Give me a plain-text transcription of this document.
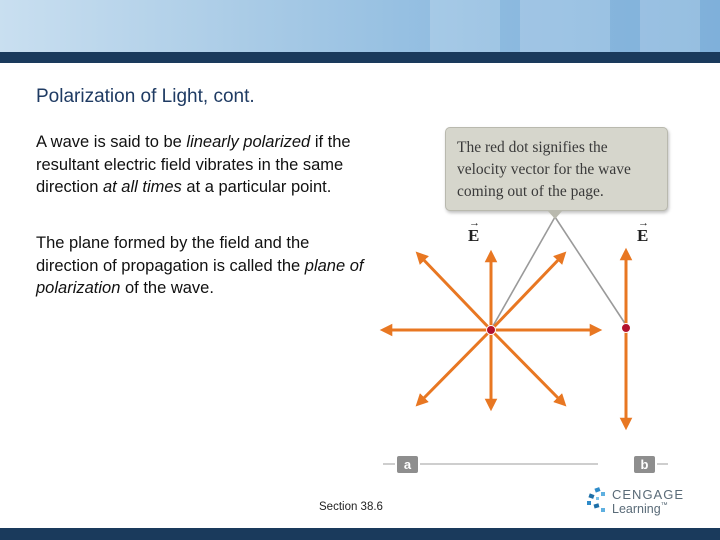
Polarization of Light, cont.
A wave is said to be linearly polarized if the resultant electric field vibrates in the same direction at all times at a particular point.
The plane formed by the field and the direction of propagation is called the plane of polarization of the wave.
The red dot signifies the velocity vector for the wave coming out of the page.
→
E
→
E
a	b
Section 38.6
CENGAGE
Learning™
